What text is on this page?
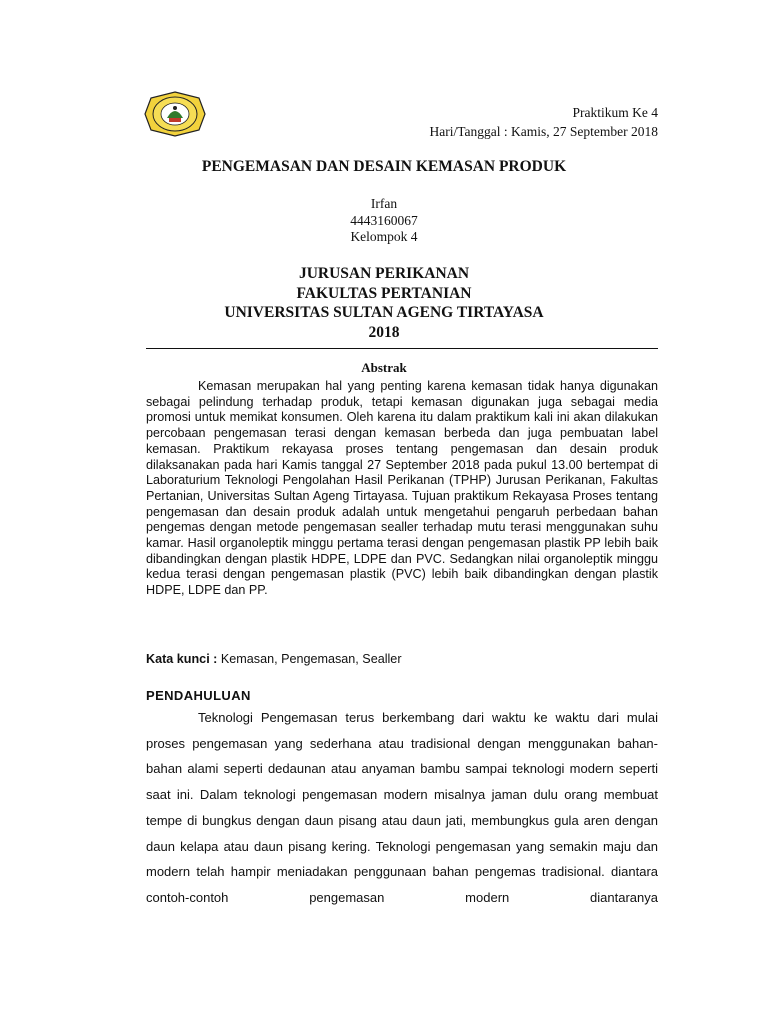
Praktikum Ke 4
Hari/Tanggal : Kamis, 27 September 2018
PENGEMASAN DAN DESAIN KEMASAN PRODUK
Irfan
4443160067
Kelompok 4
JURUSAN PERIKANAN
FAKULTAS PERTANIAN
UNIVERSITAS SULTAN AGENG TIRTAYASA
2018
Abstrak

Kemasan merupakan hal yang penting karena kemasan tidak hanya digunakan sebagai pelindung terhadap produk, tetapi kemasan digunakan juga sebagai media promosi untuk memikat konsumen. Oleh karena itu dalam praktikum kali ini akan dilakukan percobaan pengemasan terasi dengan kemasan berbeda dan juga pembuatan label kemasan. Praktikum rekayasa proses tentang pengemasan dan desain produk dilaksanakan pada hari Kamis tanggal 27 September 2018 pada pukul 13.00 bertempat di Laboraturium Teknologi Pengolahan Hasil Perikanan (TPHP) Jurusan Perikanan, Fakultas Pertanian, Universitas Sultan Ageng Tirtayasa. Tujuan praktikum Rekayasa Proses tentang pengemasan dan desain produk adalah untuk mengetahui pengaruh perbedaan bahan pengemas dengan metode pengemasan sealler terhadap mutu terasi menggunakan suhu kamar. Hasil organoleptik minggu pertama terasi dengan pengemasan plastik PP lebih baik dibandingkan dengan plastik HDPE, LDPE dan PVC. Sedangkan nilai organoleptik minggu kedua terasi dengan pengemasan plastik (PVC) lebih baik dibandingkan dengan plastik HDPE, LDPE dan PP.

Kata kunci : Kemasan, Pengemasan, Sealler
PENDAHULUAN

Teknologi Pengemasan terus berkembang dari waktu ke waktu dari mulai proses pengemasan yang sederhana atau tradisional dengan menggunakan bahan-bahan alami seperti dedaunan atau anyaman bambu sampai teknologi modern seperti saat ini. Dalam teknologi pengemasan modern misalnya jaman dulu orang membuat tempe di bungkus dengan daun pisang atau daun jati, membungkus gula aren dengan daun kelapa atau daun pisang kering. Teknologi pengemasan yang semakin maju dan modern telah hampir meniadakan penggunaan bahan pengemas tradisional. diantara contoh-contoh pengemasan modern diantaranya
